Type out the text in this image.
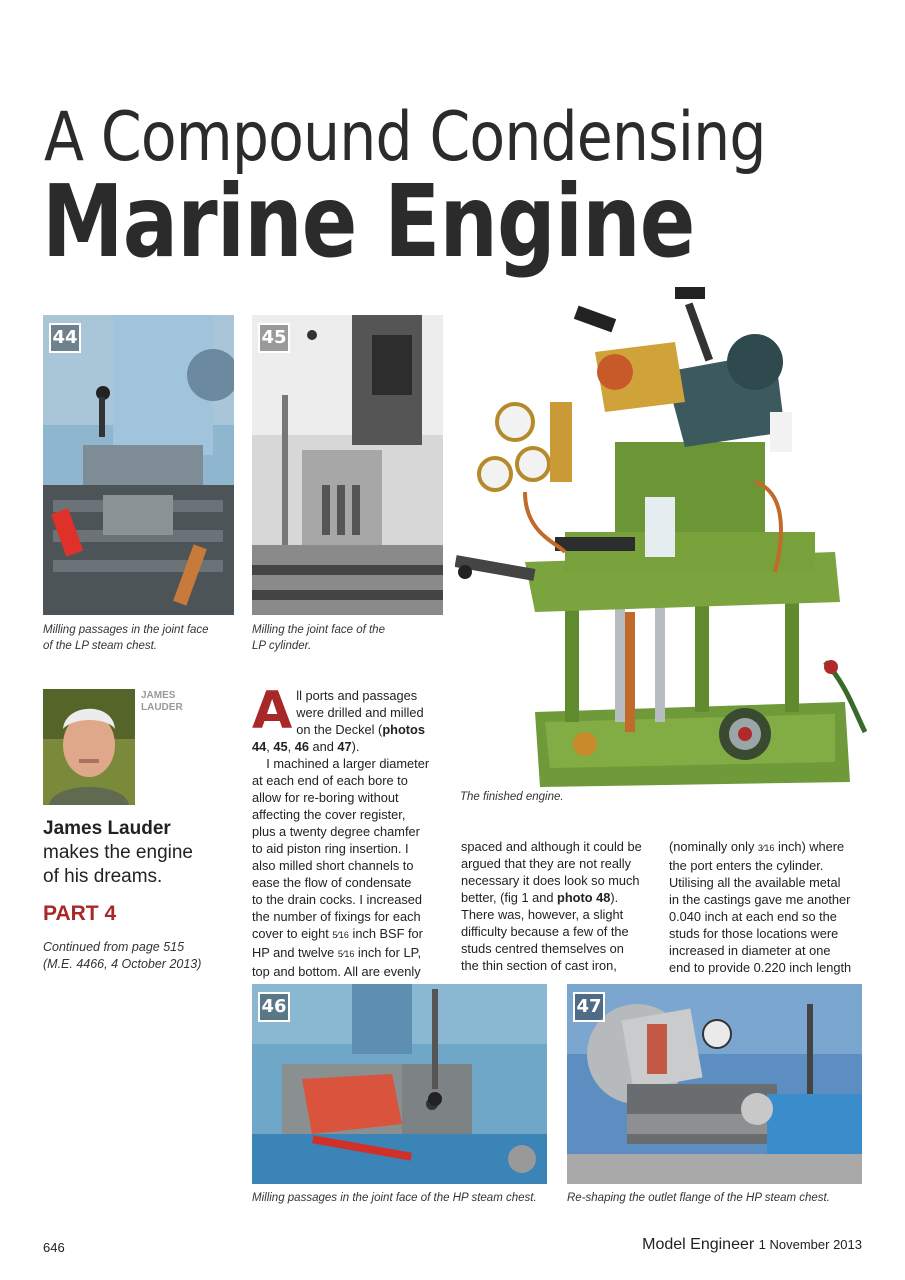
A Compound Condensing
Marine Engine
44
Milling passages in the joint face
of the LP steam chest.
45
Milling the joint face of the
LP cylinder.
The finished engine.
JAMES
LAUDER
James Lauder
makes the engine
of his dreams.
PART 4
Continued from page 515
(M.E. 4466, 4 October 2013)
A ll ports and passages

were drilled and milled

on the Deckel (photos

44, 45, 46 and 47).

I machined a larger diameter

at each end of each bore to

allow for re-boring without

affecting the cover register,

plus a twenty degree chamfer

to aid piston ring insertion. I

also milled short channels to

ease the flow of condensate

to the drain cocks. I increased

the number of fixings for each

cover to eight 5⁄16 inch BSF for

HP and twelve 5⁄16 inch for LP,

top and bottom. All are evenly

spaced and although it could be

argued that they are not really

necessary it does look so much

better, (fig 1 and photo 48).

There was, however, a slight

difficulty because a few of the

studs centred themselves on

the thin section of cast iron,

(nominally only 3⁄16 inch) where

the port enters the cylinder.

Utilising all the available metal

in the castings gave me another

0.040 inch at each end so the

studs for those locations were

increased in diameter at one

end to provide 0.220 inch length

46
Milling passages in the joint face of the HP steam chest.
47
Re-shaping the outlet flange of the HP steam chest.
646	Model Engineer 1 November 2013
